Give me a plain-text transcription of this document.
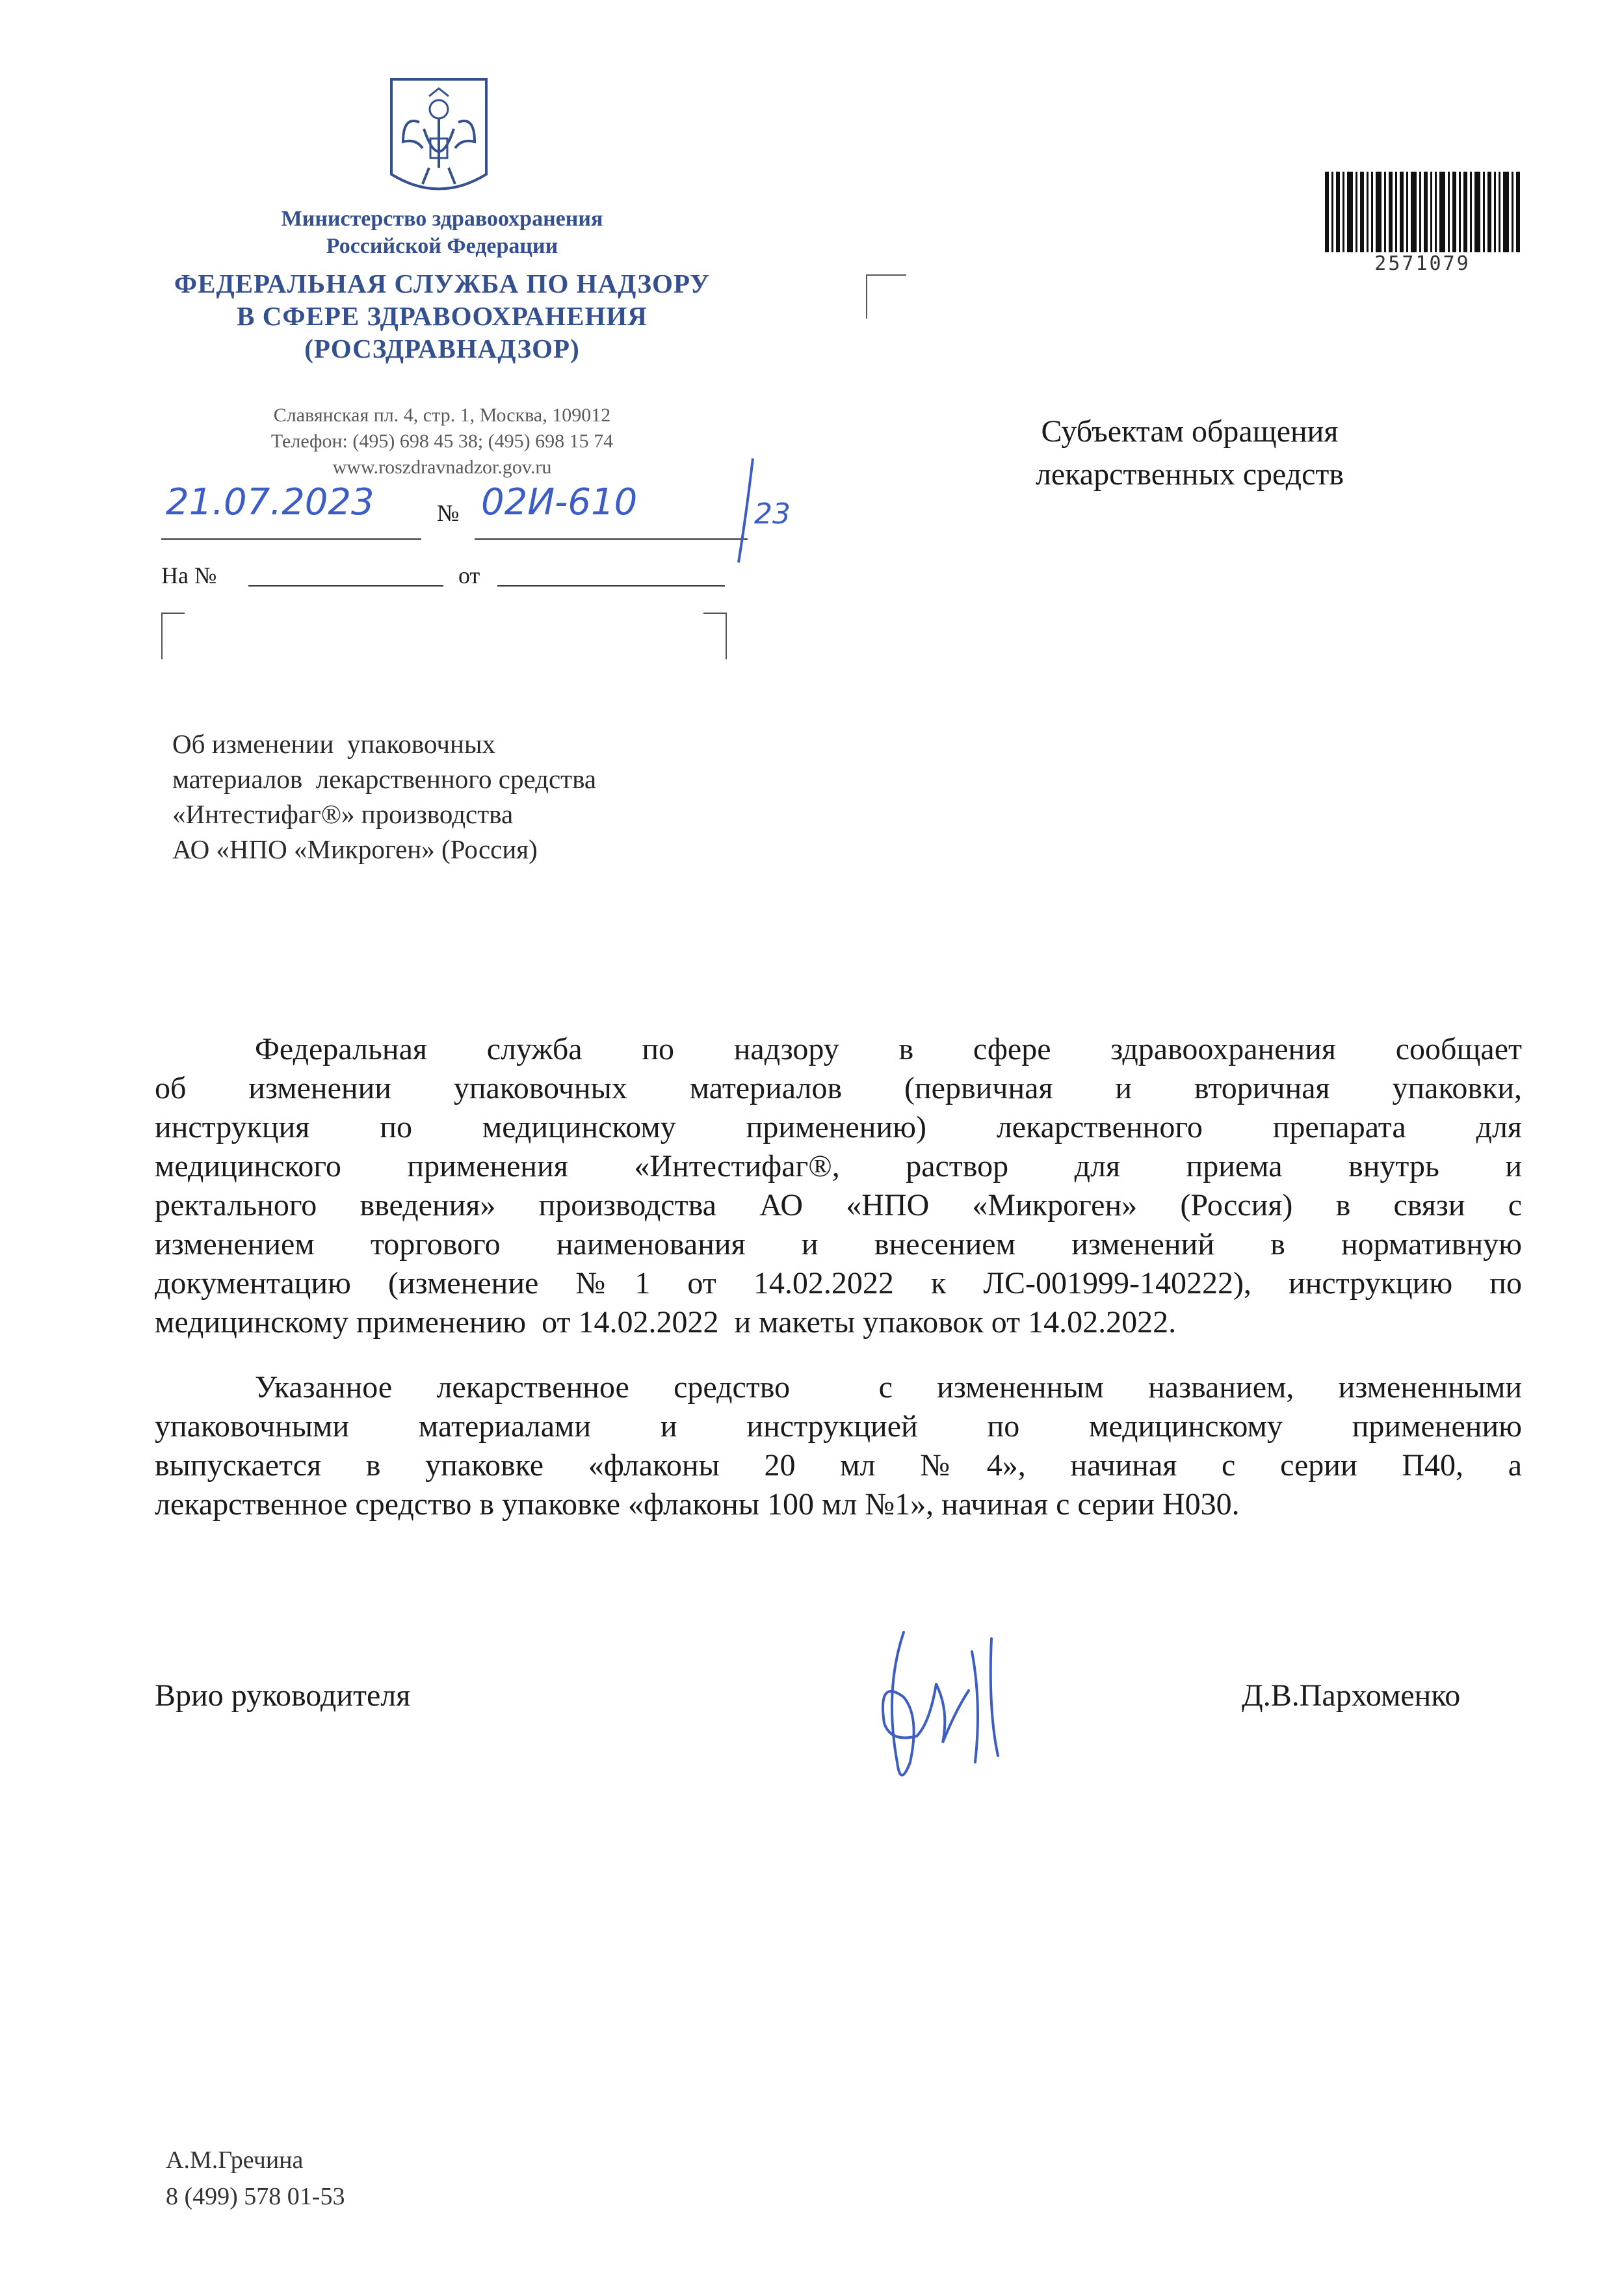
Министерство здравоохранения
Российской Федерации
ФЕДЕРАЛЬНАЯ СЛУЖБА ПО НАДЗОРУ
В СФЕРЕ ЗДРАВООХРАНЕНИЯ
(РОСЗДРАВНАДЗОР)
Славянская пл. 4, стр. 1, Москва, 109012
Телефон: (495) 698 45 38; (495) 698 15 74
www.roszdravnadzor.gov.ru
21.07.2023	№ 02И-610	23
На №	от
2571079
Субъектам обращения
лекарственных средств
Об изменении  упаковочных
материалов  лекарственного средства
«Интестифаг®» производства
АО «НПО «Микроген» (Россия)
Федеральная служба по надзору в сфере здравоохранения сообщает
об изменении упаковочных материалов (первичная и вторичная упаковки,
инструкция по медицинскому применению) лекарственного препарата для
медицинского применения «Интестифаг®, раствор для приема внутрь и
ректального введения» производства АО «НПО «Микроген» (Россия) в связи с
изменением торгового наименования и внесением изменений в нормативную
документацию (изменение №1 от 14.02.2022 к ЛС-001999-140222), инструкцию по
медицинскому применению  от 14.02.2022  и макеты упаковок от 14.02.2022.
Указанное лекарственное средство  с измененным названием, измененными
упаковочными материалами и инструкцией по медицинскому применению
выпускается в упаковке «флаконы 20 мл №4», начиная с серии П40, а
лекарственное средство в упаковке «флаконы 100 мл №1», начиная с серии Н030.
Врио руководителя	Д.В.Пархоменко
А.М.Гречина
8 (499) 578 01-53
